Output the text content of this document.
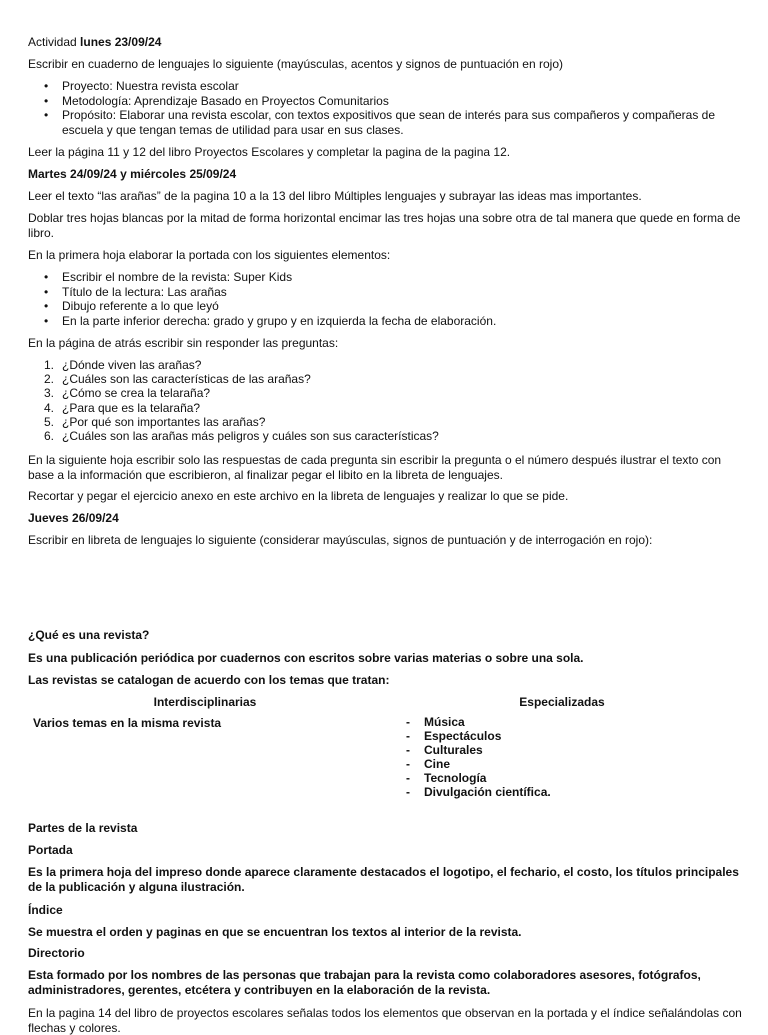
Actividad lunes 23/09/24
Escribir en cuaderno de lenguajes lo siguiente (mayúsculas, acentos y signos de puntuación en rojo)
• Proyecto: Nuestra revista escolar
• Metodología: Aprendizaje Basado en Proyectos Comunitarios
• Propósito: Elaborar una revista escolar, con textos expositivos que sean de interés para sus compañeros y compañeras de escuela y que tengan temas de utilidad para usar en sus clases.
Leer la página 11 y 12 del libro Proyectos Escolares y completar la pagina de la pagina 12.
Martes 24/09/24 y miércoles 25/09/24
Leer el texto “las arañas” de la pagina 10 a la 13 del libro Múltiples lenguajes y subrayar las ideas mas importantes.
Doblar tres hojas blancas por la mitad de forma horizontal encimar las tres hojas una sobre otra de tal manera que quede en forma de libro.
En la primera hoja elaborar la portada con los siguientes elementos:
• Escribir el nombre de la revista: Super Kids
• Título de la lectura: Las arañas
• Dibujo referente a lo que leyó
• En la parte inferior derecha: grado y grupo y en izquierda la fecha de elaboración.
En la página de atrás escribir sin responder las preguntas:
1. ¿Dónde viven las arañas?
2. ¿Cuáles son las características de las arañas?
3. ¿Cómo se crea la telaraña?
4. ¿Para que es la telaraña?
5. ¿Por qué son importantes las arañas?
6. ¿Cuáles son las arañas más peligros y cuáles son sus características?
En la siguiente hoja escribir solo las respuestas de cada pregunta sin escribir la pregunta o el número después ilustrar el texto con base a la información que escribieron, al finalizar pegar el libito en la libreta de lenguajes.
Recortar y pegar el ejercicio anexo en este archivo en la libreta de lenguajes y realizar lo que se pide.
Jueves 26/09/24
Escribir en libreta de lenguajes lo siguiente (considerar mayúsculas, signos de puntuación y de interrogación en rojo):
¿Qué es una revista?
Es una publicación periódica por cuadernos con escritos sobre varias materias o sobre una sola.
Las revistas se catalogan de acuerdo con los temas que tratan:
Interdisciplinarias	Especializadas
Varios temas en la misma revista
-	Música
- Espectáculos
- Culturales
- Cine
- Tecnología
- Divulgación científica.
Partes de la revista
Portada
Es la primera hoja del impreso donde aparece claramente destacados el logotipo, el fechario, el costo, los títulos principales de la publicación y alguna ilustración.
Índice
Se muestra el orden y paginas en que se encuentran los textos al interior de la revista.
Directorio
Esta formado por los nombres de las personas que trabajan para la revista como colaboradores asesores, fotógrafos, administradores, gerentes, etcétera y contribuyen en la elaboración de la revista.
En la pagina 14 del libro de proyectos escolares señalas todos los elementos que observan en la portada y el índice señalándolas con flechas y colores.
